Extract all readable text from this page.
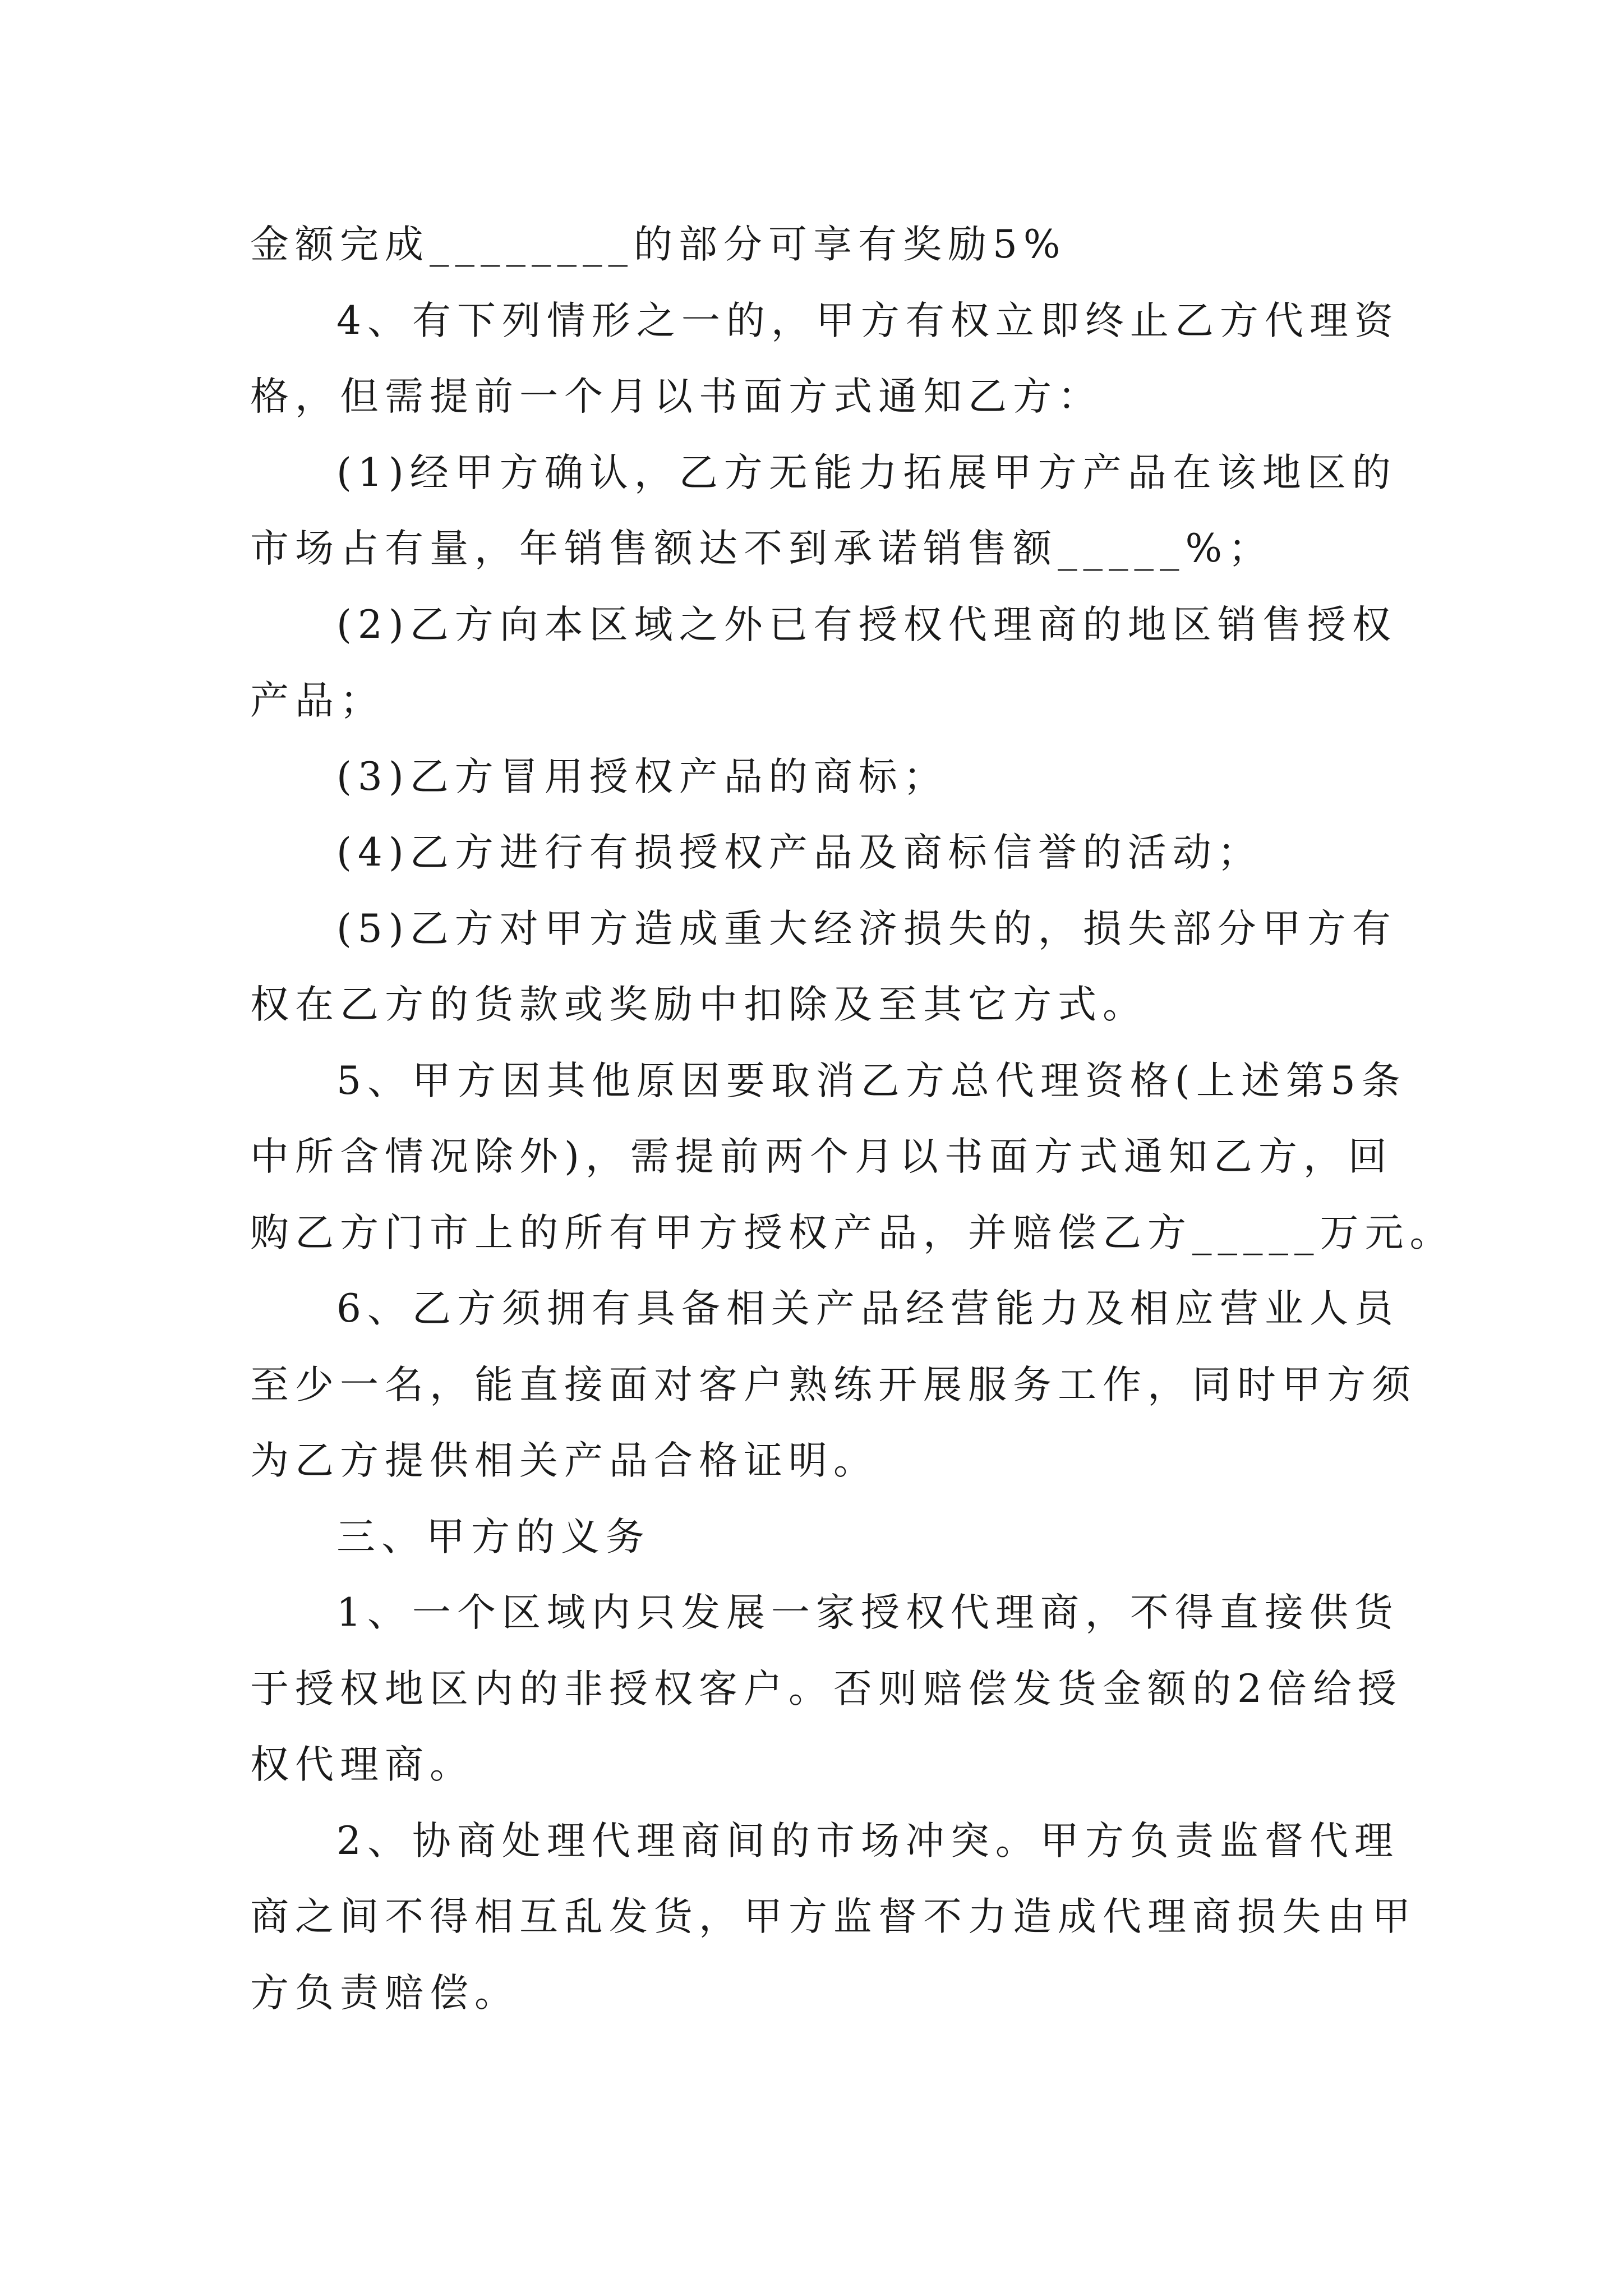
金额完成________的部分可享有奖励5%
4、有下列情形之一的，甲方有权立即终止乙方代理资
格，但需提前一个月以书面方式通知乙方：
(1)经甲方确认，乙方无能力拓展甲方产品在该地区的
市场占有量，年销售额达不到承诺销售额_____%；
(2)乙方向本区域之外已有授权代理商的地区销售授权
产品；
(3)乙方冒用授权产品的商标；
(4)乙方进行有损授权产品及商标信誉的活动；
(5)乙方对甲方造成重大经济损失的，损失部分甲方有
权在乙方的货款或奖励中扣除及至其它方式。
5、甲方因其他原因要取消乙方总代理资格(上述第5条
中所含情况除外)，需提前两个月以书面方式通知乙方，回
购乙方门市上的所有甲方授权产品，并赔偿乙方_____万元。
6、乙方须拥有具备相关产品经营能力及相应营业人员
至少一名，能直接面对客户熟练开展服务工作，同时甲方须
为乙方提供相关产品合格证明。
三、甲方的义务
1、一个区域内只发展一家授权代理商，不得直接供货
于授权地区内的非授权客户。否则赔偿发货金额的2倍给授
权代理商。
2、协商处理代理商间的市场冲突。甲方负责监督代理
商之间不得相互乱发货，甲方监督不力造成代理商损失由甲
方负责赔偿。
